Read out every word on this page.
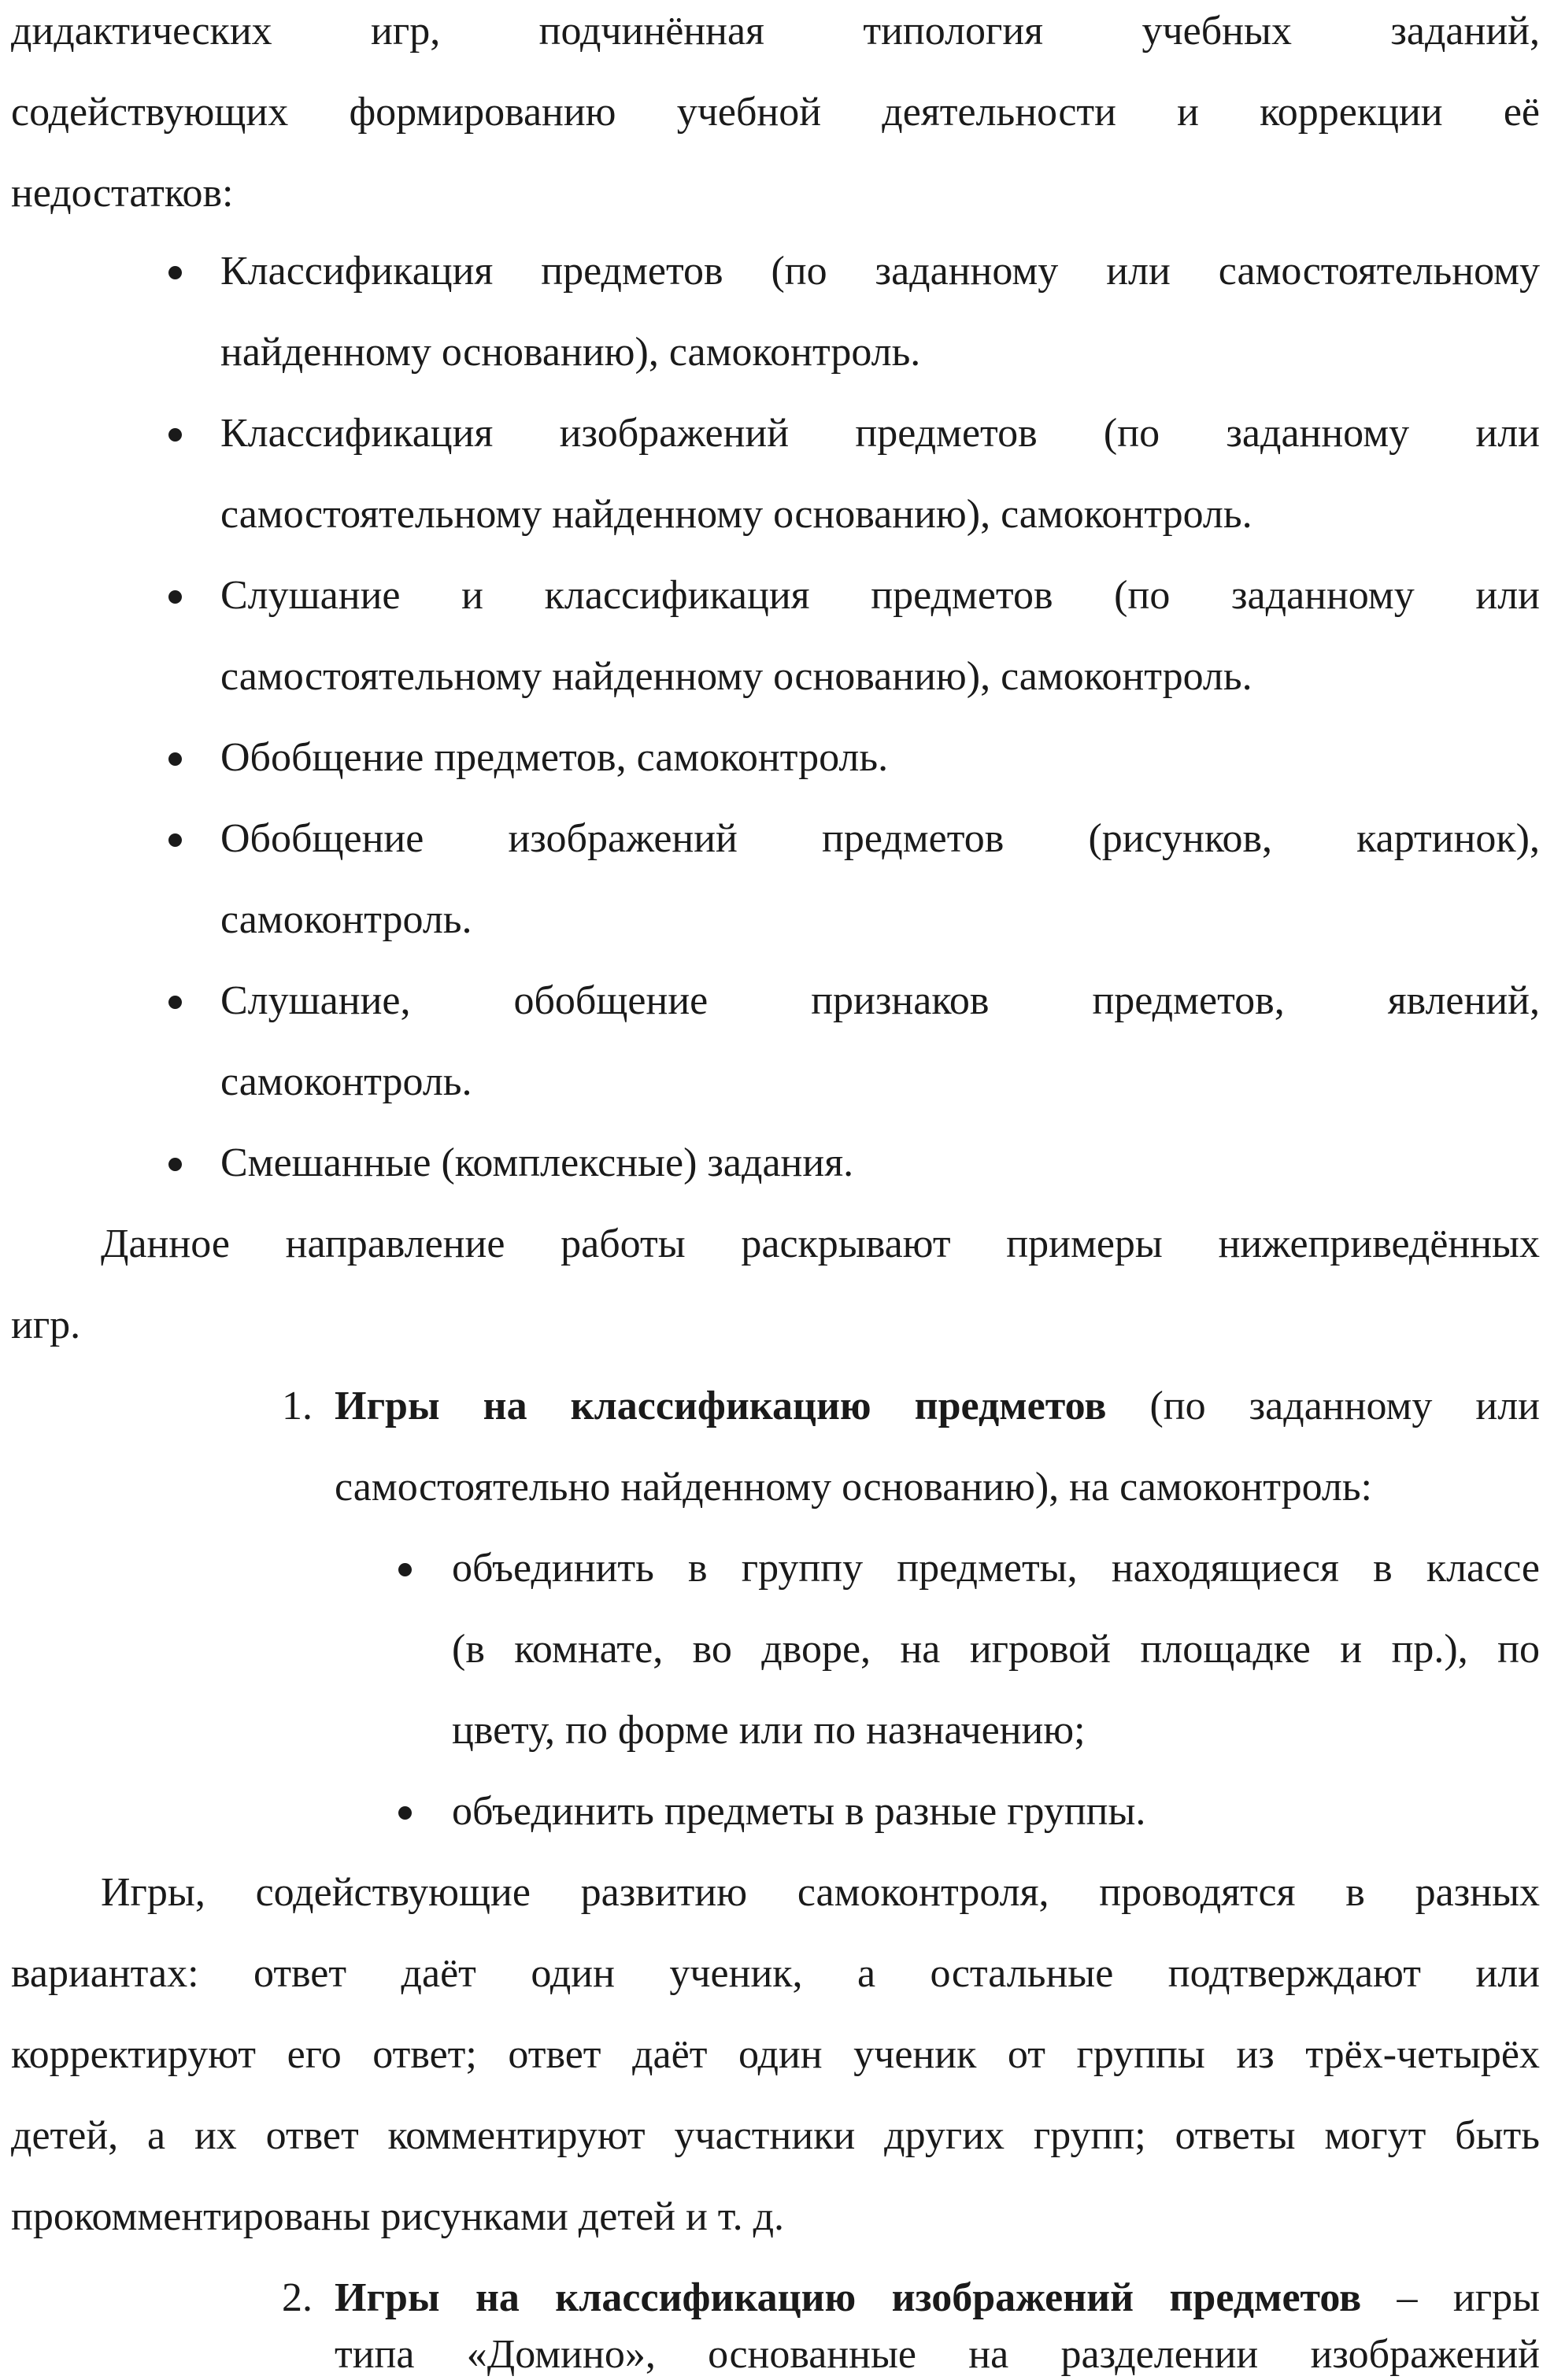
дидактических игр, подчинённая типология учебных заданий,
содействующих формированию учебной деятельности и коррекции её
недостатков:
Классификация предметов (по заданному или самостоятельному
найденному основанию), самоконтроль.
Классификация изображений предметов (по заданному или
самостоятельному найденному основанию), самоконтроль.
Слушание и классификация предметов (по заданному или
самостоятельному найденному основанию), самоконтроль.
Обобщение предметов, самоконтроль.
Обобщение изображений предметов (рисунков, картинок),
самоконтроль.
Слушание, обобщение признаков предметов, явлений,
самоконтроль.
Смешанные (комплексные) задания.
Данное направление работы раскрывают примеры нижеприведённых
игр.
1. Игры на классификацию предметов (по заданному или
самостоятельно найденному основанию), на самоконтроль:
объединить в группу предметы, находящиеся в классе
(в комнате, во дворе, на игровой площадке и пр.), по
цвету, по форме или по назначению;
объединить предметы в разные группы.
Игры, содействующие развитию самоконтроля, проводятся в разных
вариантах: ответ даёт один ученик, а остальные подтверждают или
корректируют его ответ; ответ даёт один ученик от группы из трёх-четырёх
детей, а их ответ комментируют участники других групп; ответы могут быть
прокомментированы рисунками детей и т. д.
2. Игры на классификацию изображений предметов – игры
типа «Домино», основанные на разделении изображений
